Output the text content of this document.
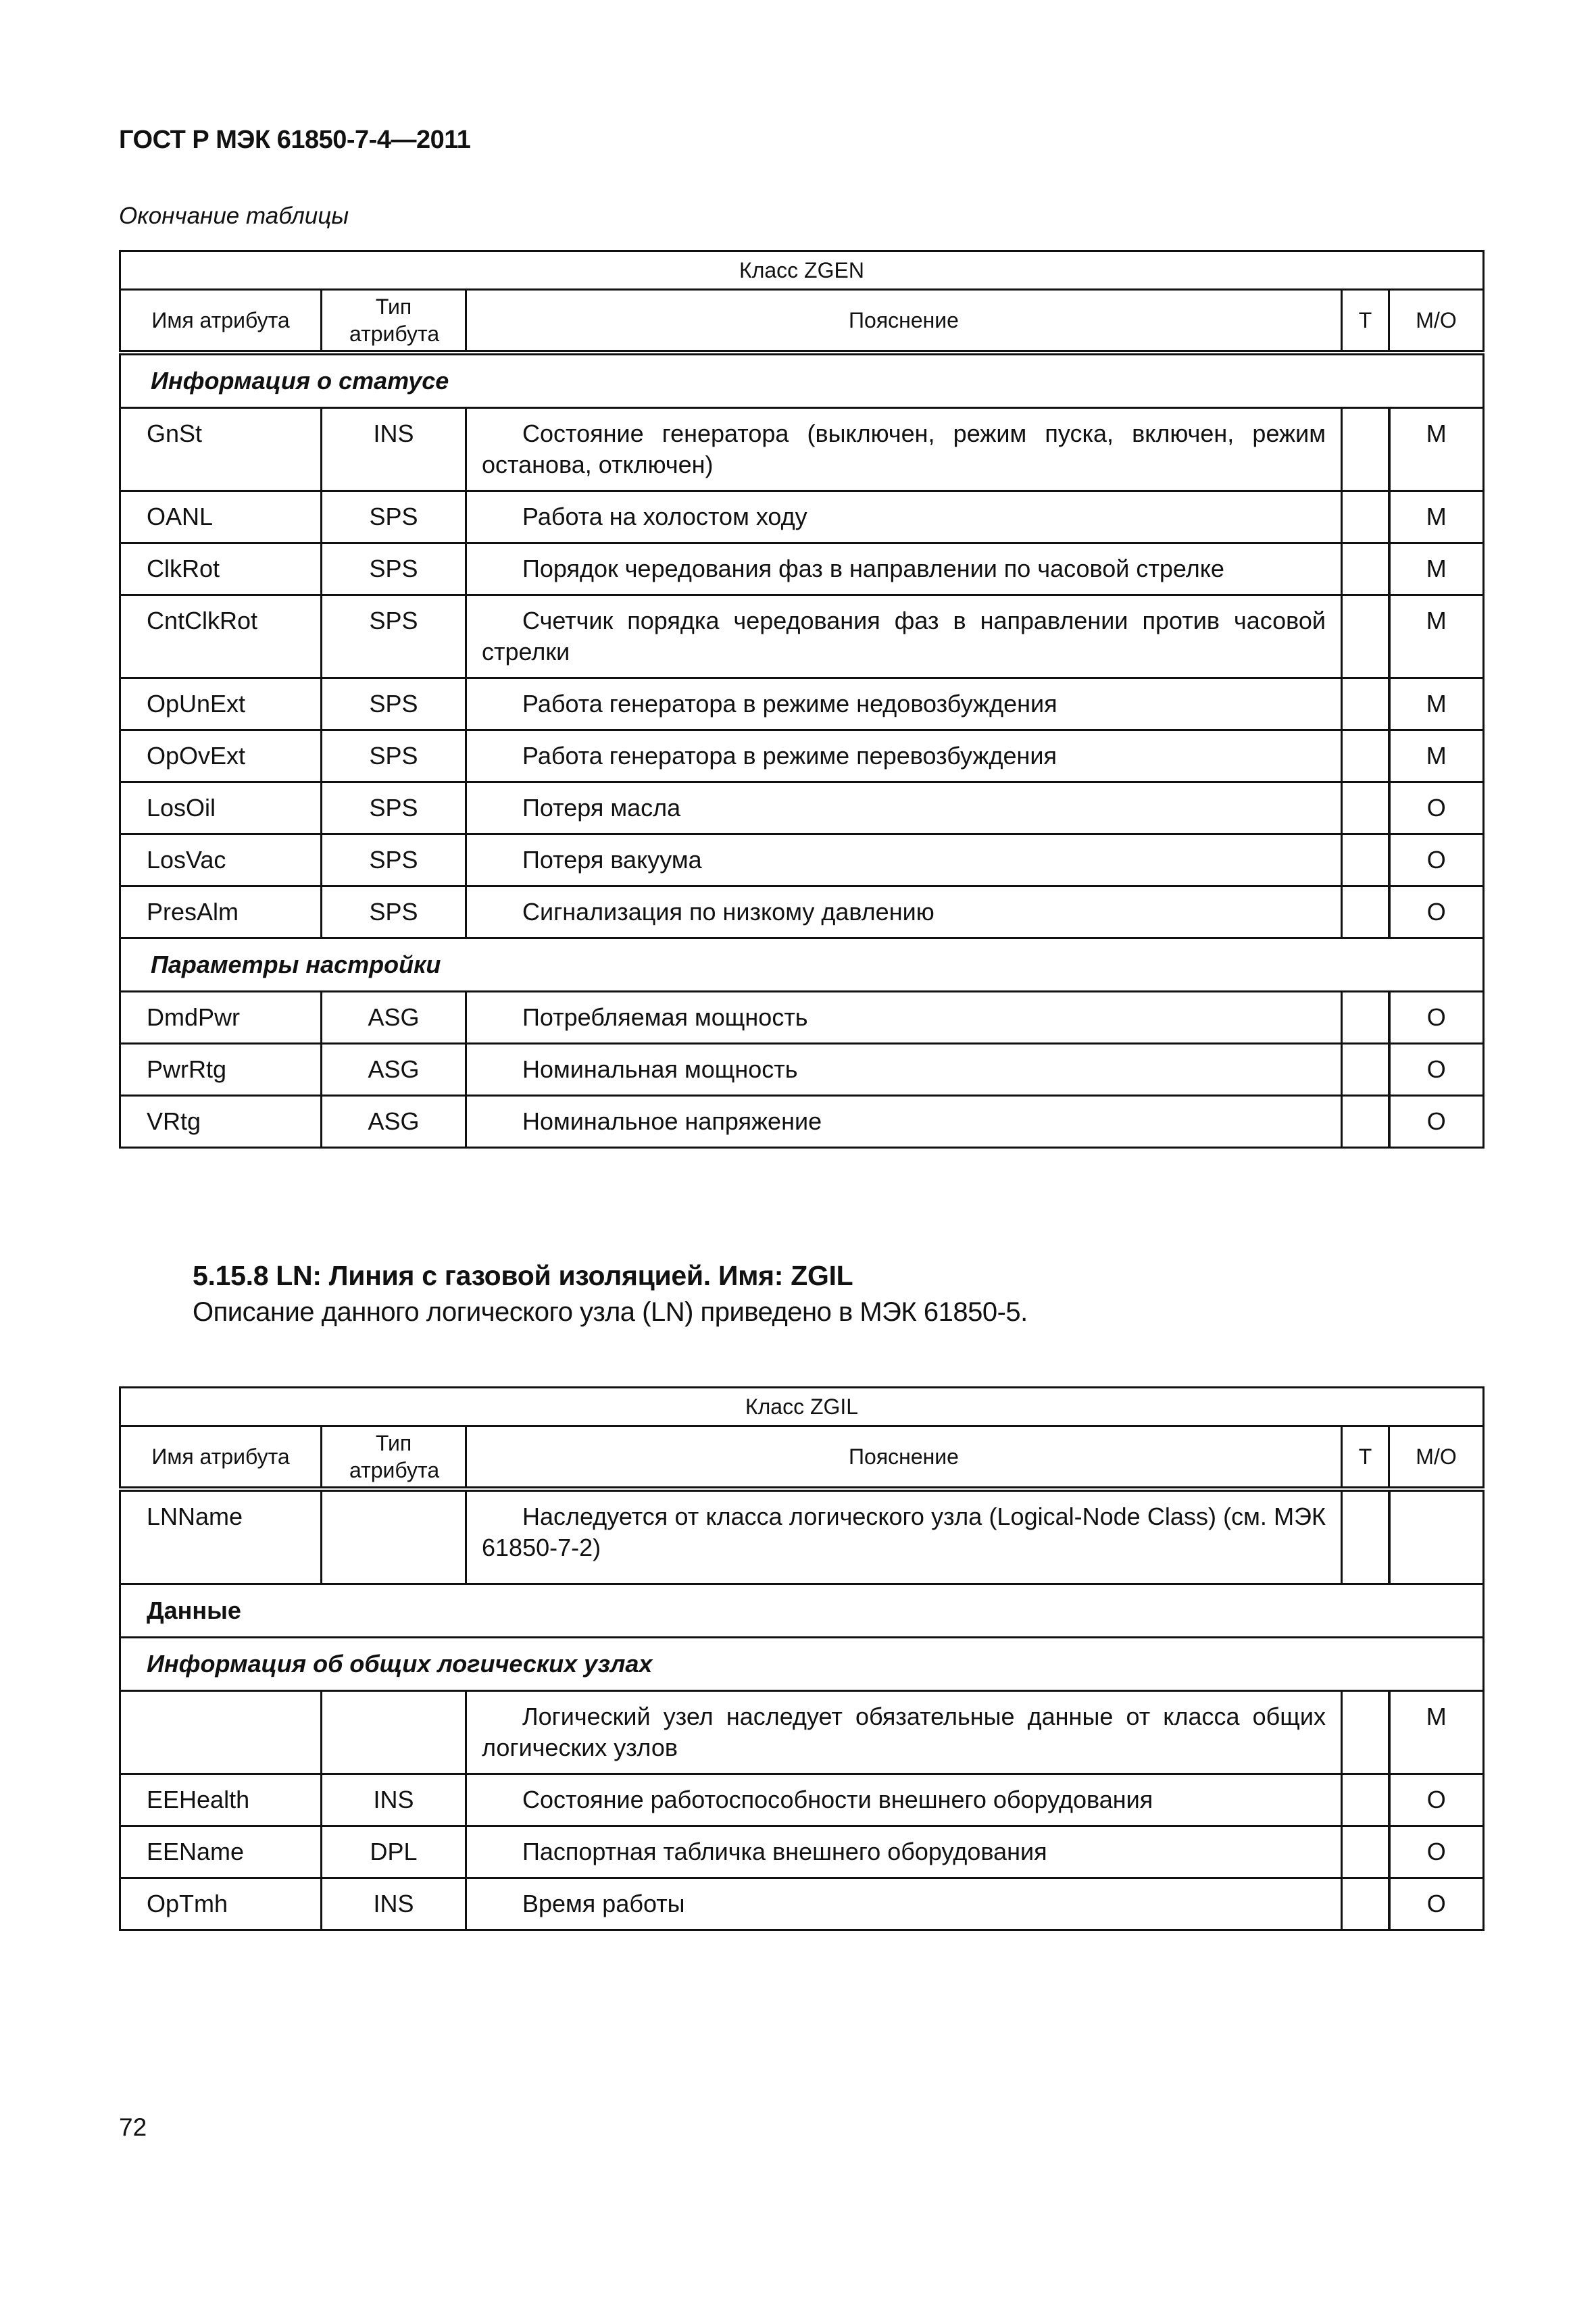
ГОСТ Р МЭК 61850-7-4—2011
Окончание таблицы
Класс ZGEN				
Имя атрибута	Тип атрибута	Пояснение	T	M/O
Информация о статусе				
GnSt	INS	Состояние генератора (выключен, режим пуска, включен, режим останова, отключен)		M
OANL	SPS	Работа на холостом ходу		M
ClkRot	SPS	Порядок чередования фаз в направлении по часовой стрелке		M
CntClkRot	SPS	Счетчик порядка чередования фаз в направлении против часовой стрелки		M
OpUnExt	SPS	Работа генератора в режиме недовозбуждения		M
OpOvExt	SPS	Работа генератора в режиме перевозбуждения		M
LosOil	SPS	Потеря масла		O
LosVac	SPS	Потеря вакуума		O
PresAlm	SPS	Сигнализация по низкому давлению		O
Параметры настройки				
DmdPwr	ASG	Потребляемая мощность		O
PwrRtg	ASG	Номинальная мощность		O
VRtg	ASG	Номинальное напряжение		O
5.15.8 LN: Линия с газовой изоляцией. Имя: ZGIL
Описание данного логического узла (LN) приведено в МЭК 61850-5.
Класс ZGIL				
Имя атрибута	Тип атрибута	Пояснение	T	M/O
LNName		Наследуется от класса логического узла (Logical-Node Class) (см. МЭК 61850-7-2)		
Данные				
Информация об общих логических узлах				
		Логический узел наследует обязательные данные от класса общих логических узлов		M
EEHealth	INS	Состояние работоспособности внешнего оборудования		O
EEName	DPL	Паспортная табличка внешнего оборудования		O
OpTmh	INS	Время работы		O
72
